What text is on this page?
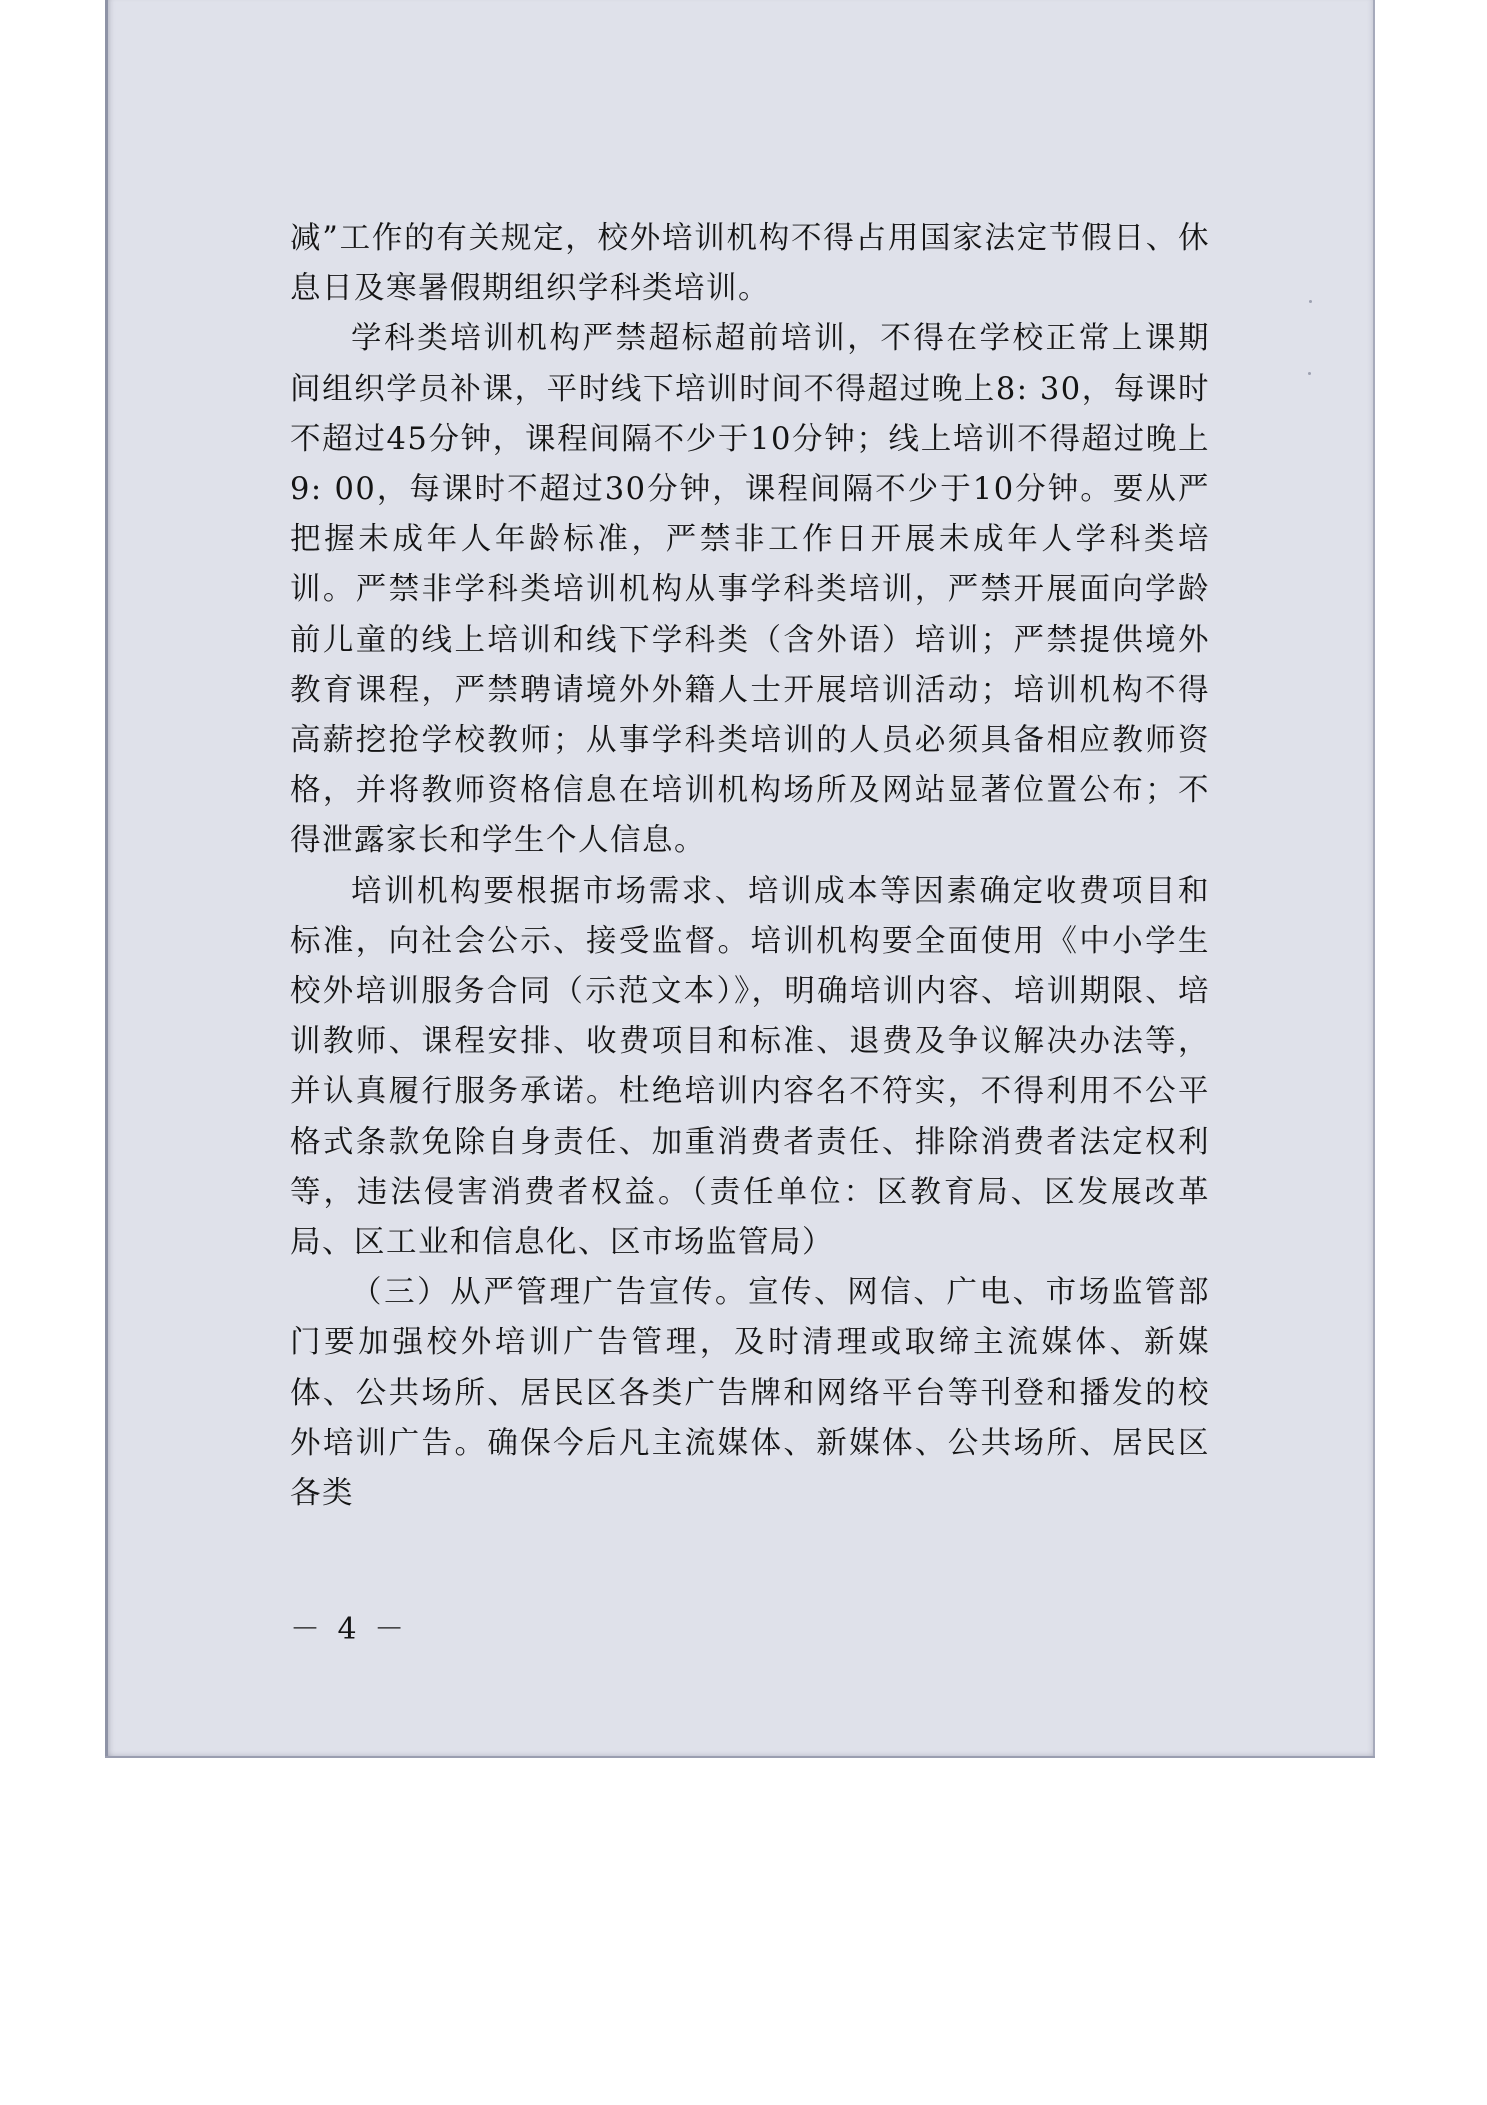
减”工作的有关规定，校外培训机构不得占用国家法定节假日、休息日及寒暑假期组织学科类培训。

学科类培训机构严禁超标超前培训，不得在学校正常上课期间组织学员补课，平时线下培训时间不得超过晚上8: 30，每课时不超过45分钟，课程间隔不少于10分钟；线上培训不得超过晚上9: 00，每课时不超过30分钟，课程间隔不少于10分钟。要从严把握未成年人年龄标准，严禁非工作日开展未成年人学科类培训。严禁非学科类培训机构从事学科类培训，严禁开展面向学龄前儿童的线上培训和线下学科类（含外语）培训；严禁提供境外教育课程，严禁聘请境外外籍人士开展培训活动；培训机构不得高薪挖抢学校教师；从事学科类培训的人员必须具备相应教师资格，并将教师资格信息在培训机构场所及网站显著位置公布；不得泄露家长和学生个人信息。

培训机构要根据市场需求、培训成本等因素确定收费项目和标准，向社会公示、接受监督。培训机构要全面使用《中小学生校外培训服务合同（示范文本）》，明确培训内容、培训期限、培训教师、课程安排、收费项目和标准、退费及争议解决办法等，并认真履行服务承诺。杜绝培训内容名不符实，不得利用不公平格式条款免除自身责任、加重消费者责任、排除消费者法定权利等，违法侵害消费者权益。（责任单位：区教育局、区发展改革局、区工业和信息化、区市场监管局）

（三）从严管理广告宣传。宣传、网信、广电、市场监管部门要加强校外培训广告管理，及时清理或取缔主流媒体、新媒体、公共场所、居民区各类广告牌和网络平台等刊登和播发的校外培训广告。确保今后凡主流媒体、新媒体、公共场所、居民区各类

－ 4 －
